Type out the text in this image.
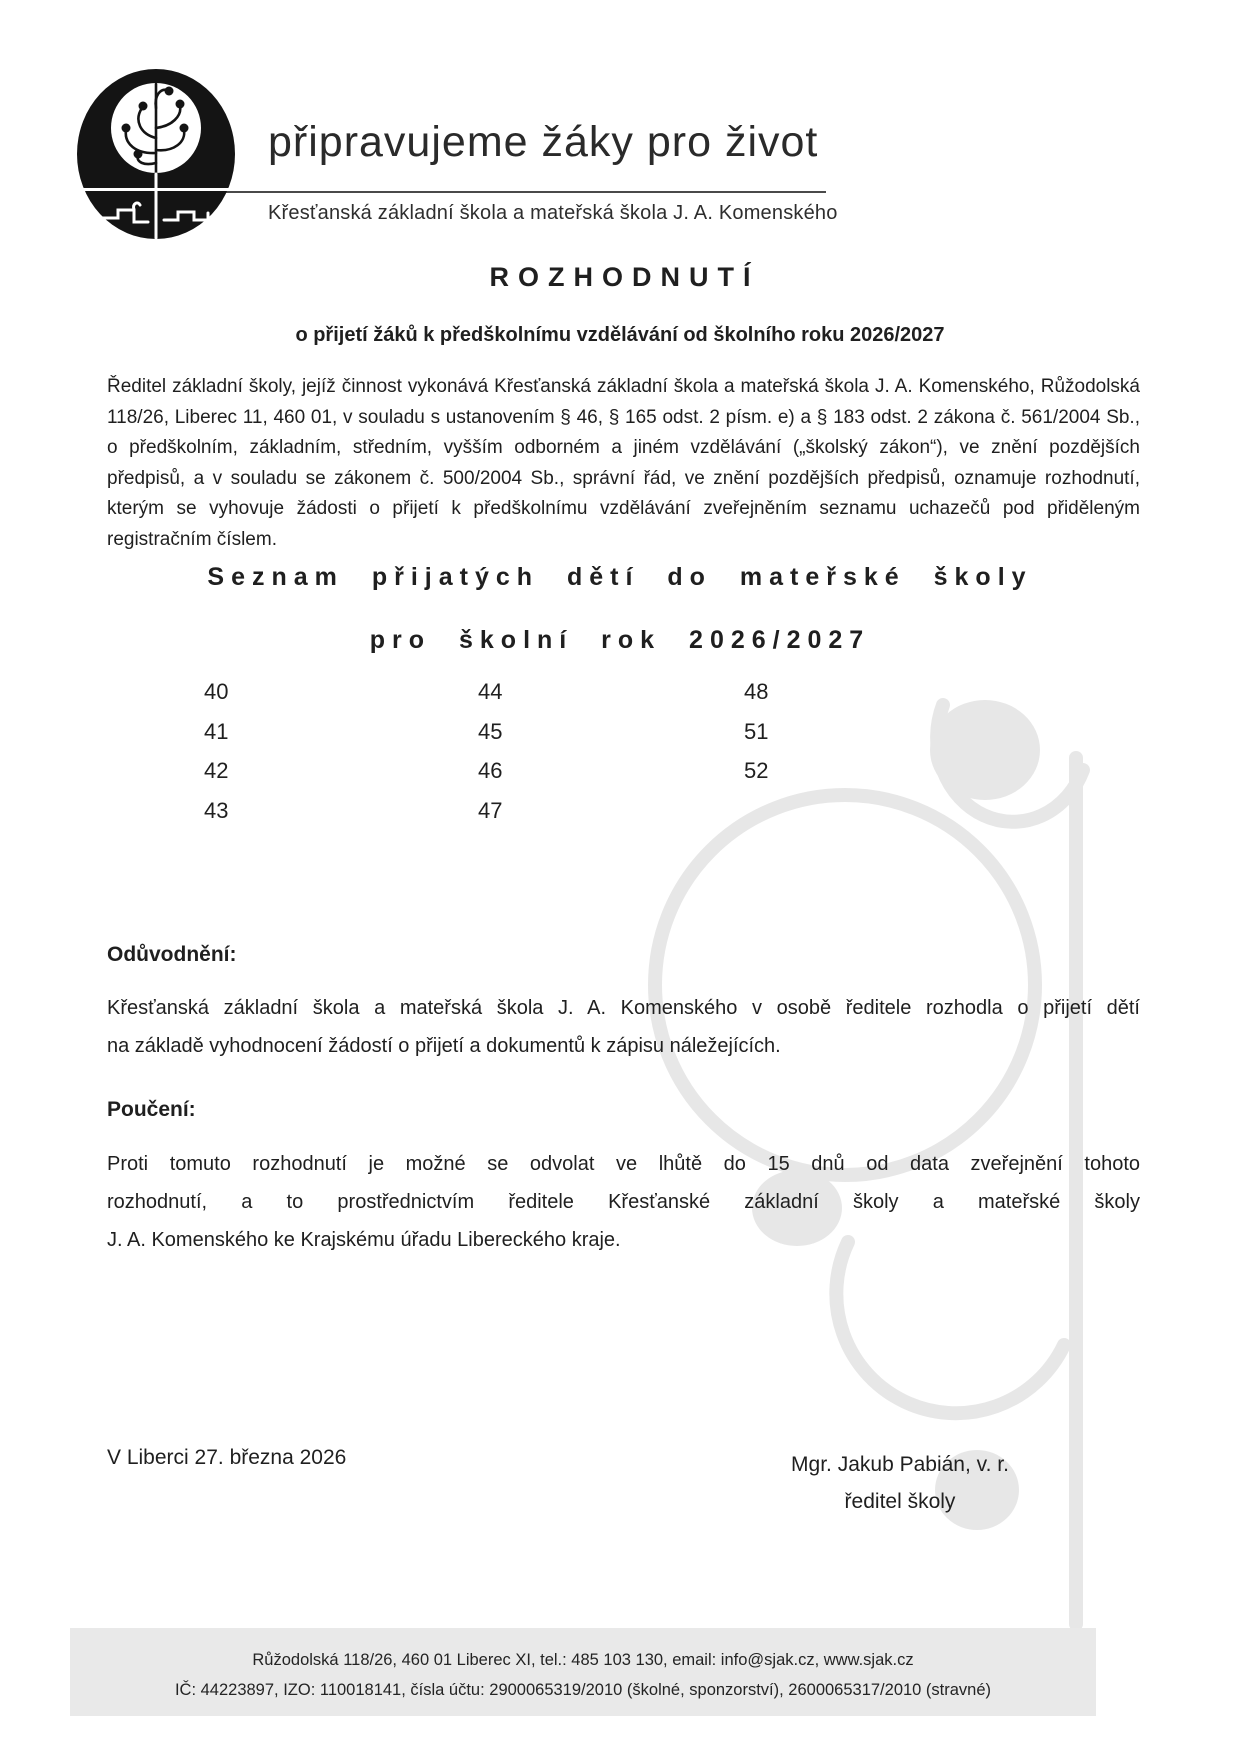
připravujeme žáky pro život
Křesťanská základní škola a mateřská škola J. A. Komenského
ROZHODNUTÍ
o přijetí žáků k předškolnímu vzdělávání od školního roku 2026/2027
Ředitel základní školy, jejíž činnost vykonává Křesťanská základní škola a mateřská škola J. A. Komenského, Růžodolská
118/26, Liberec 11, 460 01, v souladu s ustanovením § 46, § 165 odst. 2 písm. e) a § 183 odst. 2 zákona č. 561/2004 Sb.,
o předškolním, základním, středním, vyšším odborném a jiném vzdělávání („školský zákon“), ve znění pozdějších
předpisů, a v souladu se zákonem č. 500/2004 Sb., správní řád, ve znění pozdějších předpisů, oznamuje rozhodnutí,
kterým se vyhovuje žádosti o přijetí k předškolnímu vzdělávání zveřejněním seznamu uchazečů pod přiděleným
registračním číslem.
Seznam přijatých dětí do mateřské školy
pro školní rok 2026/2027
40
41
42
43
44
45
46
47
48
51
52
Odůvodnění:
Křesťanská základní škola a mateřská škola J. A. Komenského v osobě ředitele rozhodla o přijetí dětí
na základě vyhodnocení žádostí o přijetí a dokumentů k zápisu náležejících.
Poučení:
Proti tomuto rozhodnutí je možné se odvolat ve lhůtě do 15 dnů od data zveřejnění tohoto
rozhodnutí, a to prostřednictvím ředitele Křesťanské základní školy a mateřské školy
J. A. Komenského ke Krajskému úřadu Libereckého kraje.
V Liberci 27. března 2026	Mgr. Jakub Pabián, v. r.
ředitel školy
Růžodolská 118/26, 460 01 Liberec XI, tel.: 485 103 130, email: info@sjak.cz, www.sjak.cz
IČ: 44223897, IZO: 110018141, čísla účtu: 2900065319/2010 (školné, sponzorství), 2600065317/2010 (stravné)
